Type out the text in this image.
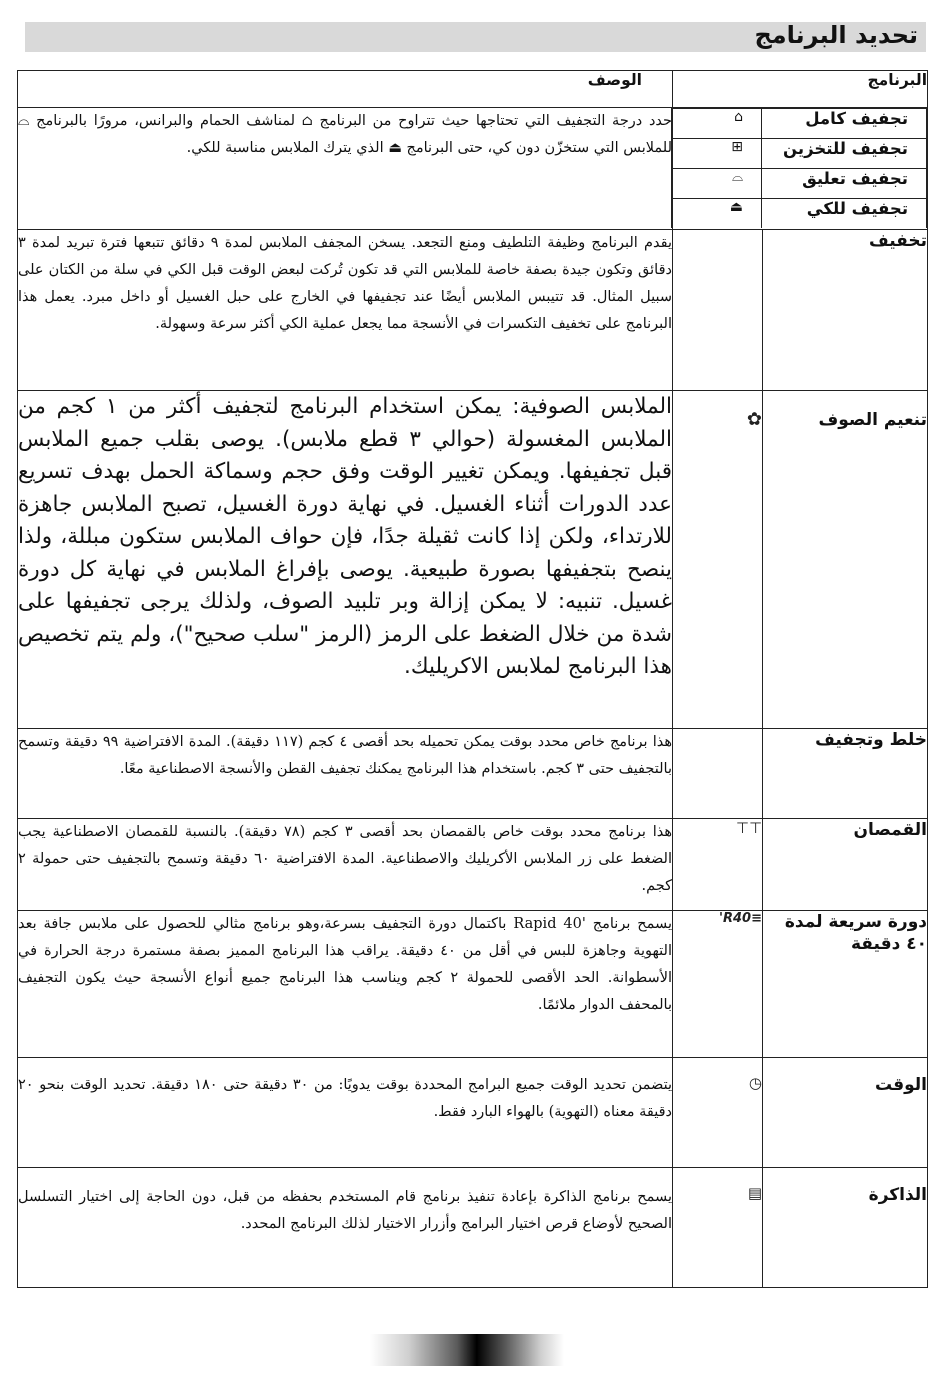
تحديد البرنامج
البرنامج	الوصف

تجفيف كامل	⌂
تجفيف للتخزين	⊞
تجفيف تعليق	⌓
تجفيف للكي	⏏
	حدد درجة التجفيف التي تحتاجها حيث تتراوح من البرنامج ⌂ لمناشف الحمام والبرانس، مرورًا بالبرنامج ⌓ للملابس التي ستخزّن دون كي، حتى البرنامج ⏏ الذي يترك الملابس مناسبة للكي.
تخفيف		يقدم البرنامج وظيفة التلطيف ومنع التجعد. يسخن المجفف الملابس لمدة ٩ دقائق تتبعها فترة تبريد لمدة ٣ دقائق وتكون جيدة بصفة خاصة للملابس التي قد تكون تُركت لبعض الوقت قبل الكي في سلة من الكتان على سبيل المثال. قد تتيبس الملابس أيضًا عند تجفيفها في الخارج على حبل الغسيل أو داخل مبرد. يعمل هذا البرنامج على تخفيف التكسرات في الأنسجة مما يجعل عملية الكي أكثر سرعة وسهولة.
تنعيم الصوف	✿	الملابس الصوفية: يمكن استخدام البرنامج لتجفيف أكثر من ١ كجم من الملابس المغسولة (حوالي ٣ قطع ملابس). يوصى بقلب جميع الملابس قبل تجفيفها. ويمكن تغيير الوقت وفق حجم وسماكة الحمل بهدف تسريع عدد الدورات أثناء الغسيل. في نهاية دورة الغسيل، تصبح الملابس جاهزة للارتداء، ولكن إذا كانت ثقيلة جدًا، فإن حواف الملابس ستكون مبللة، ولذا ينصح بتجفيفها بصورة طبيعية. يوصى بإفراغ الملابس في نهاية كل دورة غسيل. تنبيه: لا يمكن إزالة وبر تلبيد الصوف، ولذلك يرجى تجفيفها على شدة من خلال الضغط على الرمز (الرمز "سلب صحيح")، ولم يتم تخصيص هذا البرنامج لملابس الاكريليك.
خلط وتجفيف		هذا برنامج خاص محدد بوقت يمكن تحميله بحد أقصى ٤ كجم (١١٧ دقيقة). المدة الافتراضية ٩٩ دقيقة وتسمح بالتجفيف حتى ٣ كجم. باستخدام هذا البرنامج يمكنك تجفيف القطن والأنسجة الاصطناعية معًا.
القمصان	⊤⊤	هذا برنامج محدد بوقت خاص بالقمصان بحد أقصى ٣ كجم (٧٨ دقيقة). بالنسبة للقمصان الاصطناعية يجب الضغط على زر الملابس الأكريليك والاصطناعية. المدة الافتراضية ٦٠ دقيقة وتسمح بالتجفيف حتى حمولة ٢ كجم.
دورة سريعة لمدة ٤٠ دقيقة	≡R40'	يسمح برنامج 'Rapid 40 باكتمال دورة التجفيف بسرعة،وهو برنامج مثالي للحصول على ملابس جافة بعد التهوية وجاهزة للبس في أقل من ٤٠ دقيقة. يراقب هذا البرنامج المميز بصفة مستمرة درجة الحرارة في الأسطوانة. الحد الأقصى للحمولة ٢ كجم ويناسب هذا البرنامج جميع أنواع الأنسجة حيث يكون التجفيف بالمحفف الدوار ملائمًا.
الوقت	◷	يتضمن تحديد الوقت جميع البرامج المحددة بوقت يدويًا: من ٣٠ دقيقة حتى ١٨٠ دقيقة. تحديد الوقت بنحو ٢٠ دقيقة معناه (التهوية) بالهواء البارد فقط.
الذاكرة	▤	يسمح برنامج الذاكرة بإعادة تنفيذ برنامج قام المستخدم بحفظه من قبل، دون الحاجة إلى اختيار التسلسل الصحيح لأوضاع قرص اختيار البرامج وأزرار الاختيار لذلك البرنامج المحدد.
